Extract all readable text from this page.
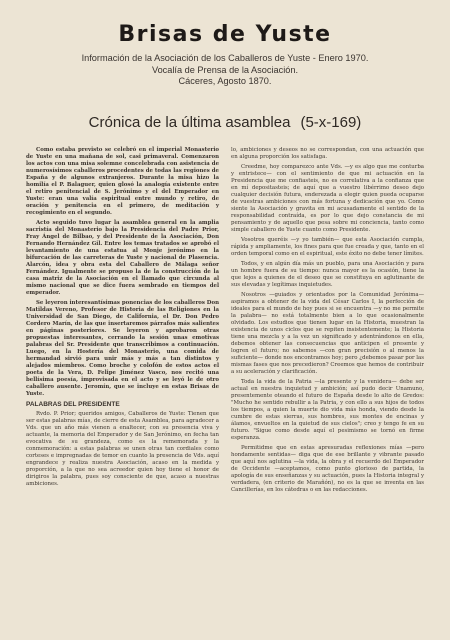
Brisas de Yuste
Información de la Asociación de los Caballeros de Yuste - Enero 1970.
Vocalía de Prensa de la Asociación.
Cáceres, Agosto 1870.
Crónica de la última asamblea (5-x-169)

Como estaba previsto se celebró en el imperial Monasterio de Yuste en una mañana de sol, casi primaveral. Comenzaron los actos con una misa solemne concelebrada con asistencia de numerosísimos caballeros procedentes de todas las regiones de España y de algunos extranjeros. Durante la misa hizo la homilía el P. Balaguer, quien glosó la analogía existente entre el retiro penitencial de S. Jerónimo y el del Emperador en Yuste: eran una valía espiritual entre mundo y retiro, de oración y penitencia en el primero, de meditación y recogimiento en el segundo.

Acto seguido tuvo lugar la asamblea general en la amplia sacristía del Monasterio bajo la Presidencia del Padre Prior, Fray Ángel de Bilbao, y del Presidente de la Asociación, Don Fernando Hernández Gil. Entre los temas tratados se aprobó el levantamiento de una estatua al Monje jerónimo en la bifurcación de las carreteras de Yuste y nacional de Plasencia. Alarcón, idea y obra esta del Caballero de Málaga señor Fernández. Igualmente se propuso la de la construcción de la casa matriz de la Asociación en el llamado que circunda al mismo nacional que se dice fuera sembrado en tiempos del emperador.

Se leyeron interesantísimas ponencias de los caballeros Don Matildas Vereno, Profesor de Historia de las Religiones en la Universidad de San Diego, de California, el Dr. Don Pedro Cordero Marín, de las que insertaremos párrafos más salientes en páginas posteriores. Se leyeron y aprobaron otras propuestas interesantes, cerrando la sesión unas emotivas palabras del Sr. Presidente que transcribimos a continuación. Luego, en la Hostería del Monasterio, una comida de hermandad sirvió para unir más y más a tan distintos y alejados miembros. Como broche y colofón de estos actos el poeta de la Vera, D. Felipe Jiménez Vasco, nos recitó una bellísima poesía, improvisada en el acto y se leyó le de otro caballero ausente. Jeromín, que se incluye en estas Brisas de Yuste.

PALABRAS DEL PRESIDENTE

Rvdo. P. Prior; queridos amigos, Caballeros de Yuste: Tienen que ser estas palabras mías, de cierre de esta Asamblea, para agradecer a Vds. que un año más vienen a enaltecer, con su presencia viva y actuante, la memoria del Emperador y de San Jerónimo, en fecha tan evocativa de su grandeza, como es la rememorada y la conmemoración: a estas palabras se unen otras tan cordiales como corteses e impregnadas de temor en cuanto la presencia de Vds. aquí engrandece y realiza nuestra Asociación, acaso en la medida y proporción, a la que no sea acreedor quien hoy tiene el honor de dirigiros la palabra, pues soy consciente de que, acaso a nuestras ambiciones.

lo, ambiciones y deseos no se correspondan, con una actuación que en alguna proporción los satisfaga.

Creedme, hoy comparezco ante Vds. —y es algo que me conturba y entristece— con el sentimiento de que mi actuación en la Presidencia que me confiasteis, no es correlativa a la confianza que en mí depositasteis; de aquí que a vuestro libérrimo deseo dejo cualquier decisión futura, enderezada a elegir quien pueda ocuparse de vuestras ambiciones con más fortuna y dedicación que yo. Como siente la Asociación y gravita en mi acusadamente el sentido de la responsabilidad contraída, es por lo que dejo constancia de mi pensamiento y de aquello que pesa sobre mi conciencia, tanto como simple caballero de Yuste cuanto como Presidente.

Vosotros queréis —y yo también— que esta Asociación cumpla, rápida y ampliamente, los fines para que fue creada y que, tanto en el orden temporal como en el espiritual, este éxito no debe tener límites.

Todos, y en algún día más un pueblo, para una Asociación y para un hombre fuera de su tiempo: nunca mayor es la ocasión, tiene la que lejos a quienes de el deseo que se constituya en aglutinante de sus elevadas y legítimas inquietudes.

Nosotros —guiados y orientados por la Comunidad Jerónima— aspiramos a obtener de la vida del César Carlos I, la perfección de ideales para el mundo de hoy pues si se encuentra —y no me permite la palabra— no está totalmente bien a lo que ocasionalmente olvidado. Los estudios que tienen lugar en la Historia, muestran la existencia de unos ciclos que se repiten insistentemente; la Historia tiene una mezcla y a la vez un significado y adentrándonos en ella, debemos obtener las consecuencias que anticipen el presente y logren el futuro; no sabemos —con gran precisión o al menos la suficiente— donde nos encontramos hoy; pero ¿debemos pasar por las mismas fases que nos precedieron? Creemos que hemos de contribuir a su aceleración y clarificación.

Toda la vida de la Patria —la presente y la venidera— debe ser actual en nuestra inquietud y ambición; así pudo decir Unamuno, presentemente oteando el futuro de España desde lo alto de Gredos: "Mucho he sentido rebullir a la Patria, y con ello a sus hijos de todos los tiempos, a quien la muerte dio vida más honda, viendo desde la cumbre de estas sierras, sus hombres, sus montes de encinas y álamos, envueltos en la quietud de sus cielos"; creo y tengo fe en su futuro. "Sigue como desde aquí el pesimismo se tornó en firme esperanza.

Permitidme que en estas apresuradas reflexiones mías —pero hondamente sentidas— diga que de ese brillante y vibrante pasado que aquí nos aglutina —la vida, la obra y el recuerdo del Emperador de Occidente —aceptamos, como punto glorioso de partida, la apología de sus enseñanzas y su actuación, pues la Historia integral y verdadera, (en criterio de Marañón), no es la que se inventa en las Cancillerías, en los cátedras o en las redacciones.
